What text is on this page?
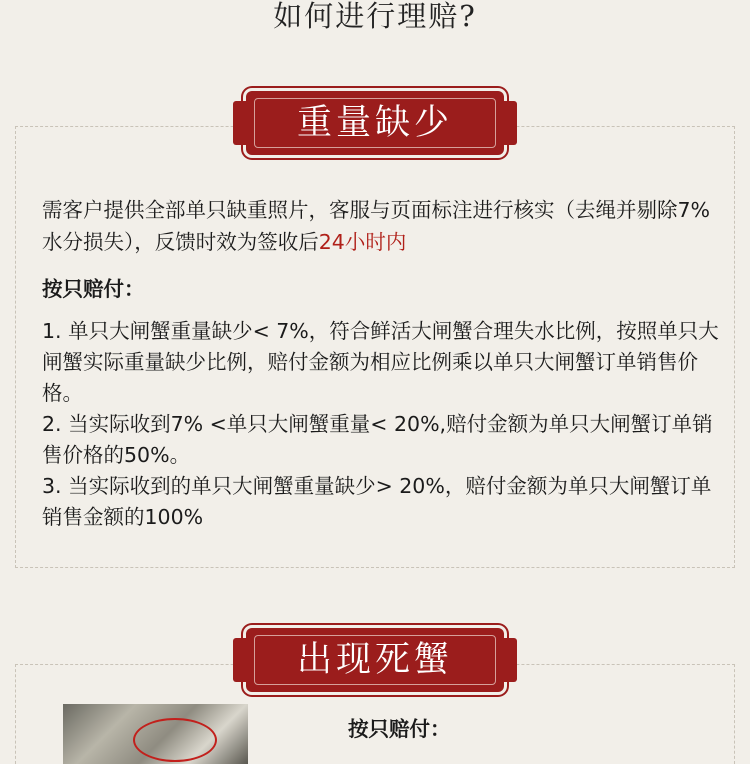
如何进行理赔?
重量缺少
需客户提供全部单只缺重照片，客服与页面标注进行核实（去绳并剔除7%水分损失），反馈时效为签收后24小时内
按只赔付：

1. 单只大闸蟹重量缺少< 7%，符合鲜活大闸蟹合理失水比例，按照单只大闸蟹实际重量缺少比例，赔付金额为相应比例乘以单只大闸蟹订单销售价格。

2. 当实际收到7% <单只大闸蟹重量< 20%,赔付金额为单只大闸蟹订单销售价格的50%。

3. 当实际收到的单只大闸蟹重量缺少> 20%，赔付金额为单只大闸蟹订单销售金额的100%

出现死蟹
按只赔付：
